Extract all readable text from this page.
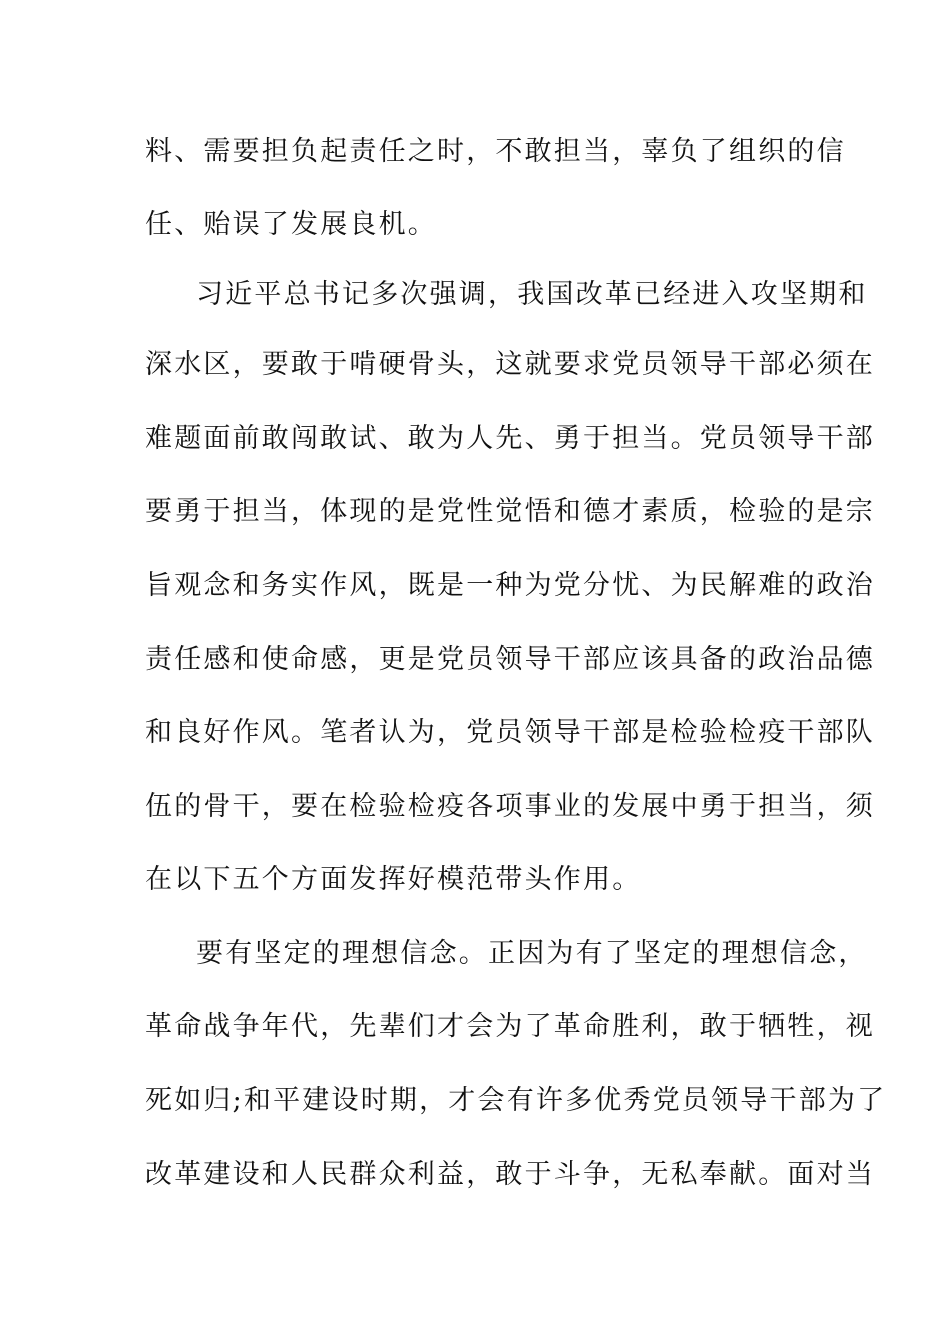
料、需要担负起责任之时，不敢担当，辜负了组织的信
任、贻误了发展良机。
习近平总书记多次强调，我国改革已经进入攻坚期和
深水区，要敢于啃硬骨头，这就要求党员领导干部必须在
难题面前敢闯敢试、敢为人先、勇于担当。党员领导干部
要勇于担当，体现的是党性觉悟和德才素质，检验的是宗
旨观念和务实作风，既是一种为党分忧、为民解难的政治
责任感和使命感，更是党员领导干部应该具备的政治品德
和良好作风。笔者认为，党员领导干部是检验检疫干部队
伍的骨干，要在检验检疫各项事业的发展中勇于担当，须
在以下五个方面发挥好模范带头作用。
要有坚定的理想信念。正因为有了坚定的理想信念，
革命战争年代，先辈们才会为了革命胜利，敢于牺牲，视
死如归;和平建设时期，才会有许多优秀党员领导干部为了
改革建设和人民群众利益，敢于斗争，无私奉献。面对当
